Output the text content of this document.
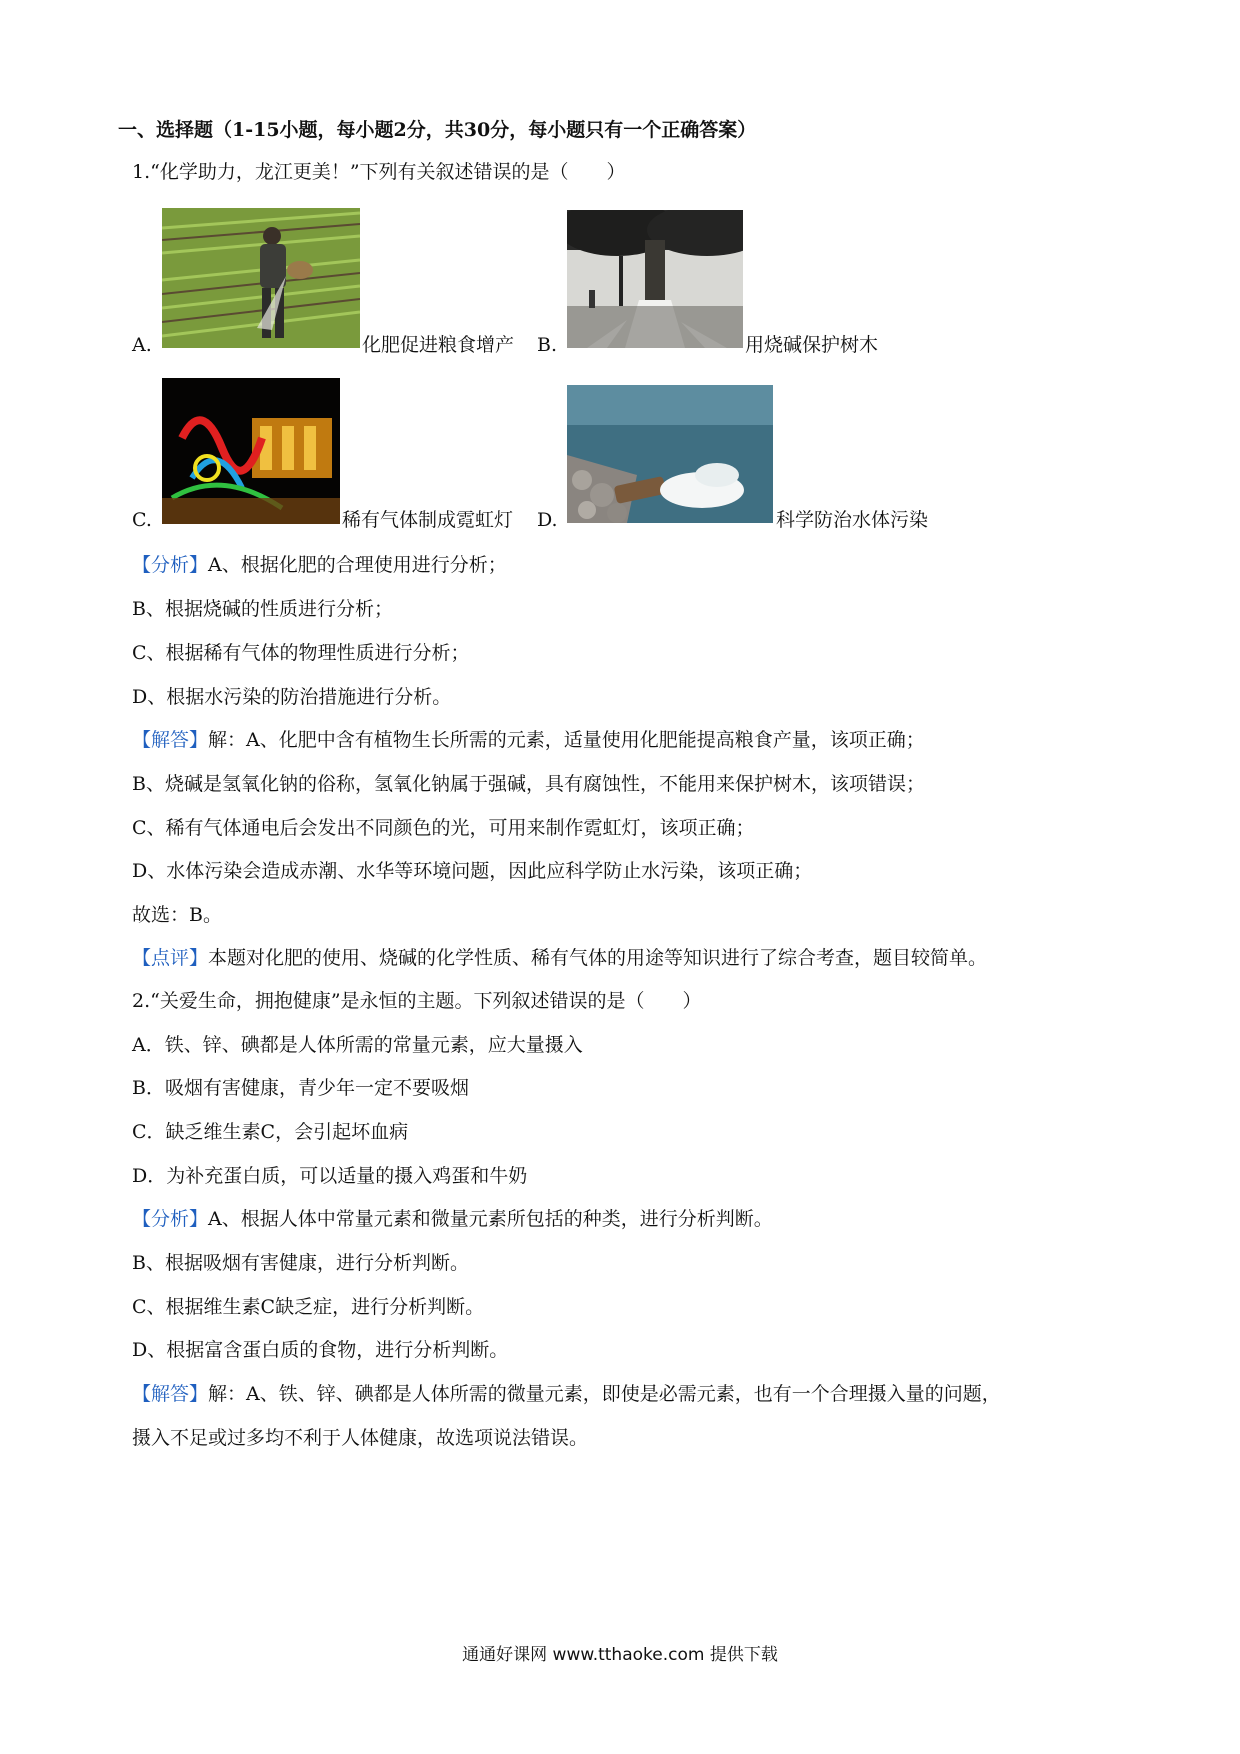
一、选择题（1-15小题，每小题2分，共30分，每小题只有一个正确答案）
1.“化学助力，龙江更美！”下列有关叙述错误的是（　　）
A.	化肥促进粮食增产 B.	用烧碱保护树木
C.	稀有气体制成霓虹灯 D.	科学防治水体污染
【分析】A、根据化肥的合理使用进行分析；
B、根据烧碱的性质进行分析；
C、根据稀有气体的物理性质进行分析；
D、根据水污染的防治措施进行分析。
【解答】解：A、化肥中含有植物生长所需的元素，适量使用化肥能提高粮食产量，该项正确；
B、烧碱是氢氧化钠的俗称，氢氧化钠属于强碱，具有腐蚀性，不能用来保护树木，该项错误；
C、稀有气体通电后会发出不同颜色的光，可用来制作霓虹灯，该项正确；
D、水体污染会造成赤潮、水华等环境问题，因此应科学防止水污染，该项正确；
故选：B。
【点评】本题对化肥的使用、烧碱的化学性质、稀有气体的用途等知识进行了综合考查，题目较简单。
2.“关爱生命，拥抱健康”是永恒的主题。下列叙述错误的是（　　）
A．铁、锌、碘都是人体所需的常量元素，应大量摄入
B．吸烟有害健康，青少年一定不要吸烟
C．缺乏维生素C，会引起坏血病
D．为补充蛋白质，可以适量的摄入鸡蛋和牛奶
【分析】A、根据人体中常量元素和微量元素所包括的种类，进行分析判断。
B、根据吸烟有害健康，进行分析判断。
C、根据维生素C缺乏症，进行分析判断。
D、根据富含蛋白质的食物，进行分析判断。
【解答】解：A、铁、锌、碘都是人体所需的微量元素，即使是必需元素，也有一个合理摄入量的问题，
摄入不足或过多均不利于人体健康，故选项说法错误。
通通好课网 www.tthaoke.com 提供下载
